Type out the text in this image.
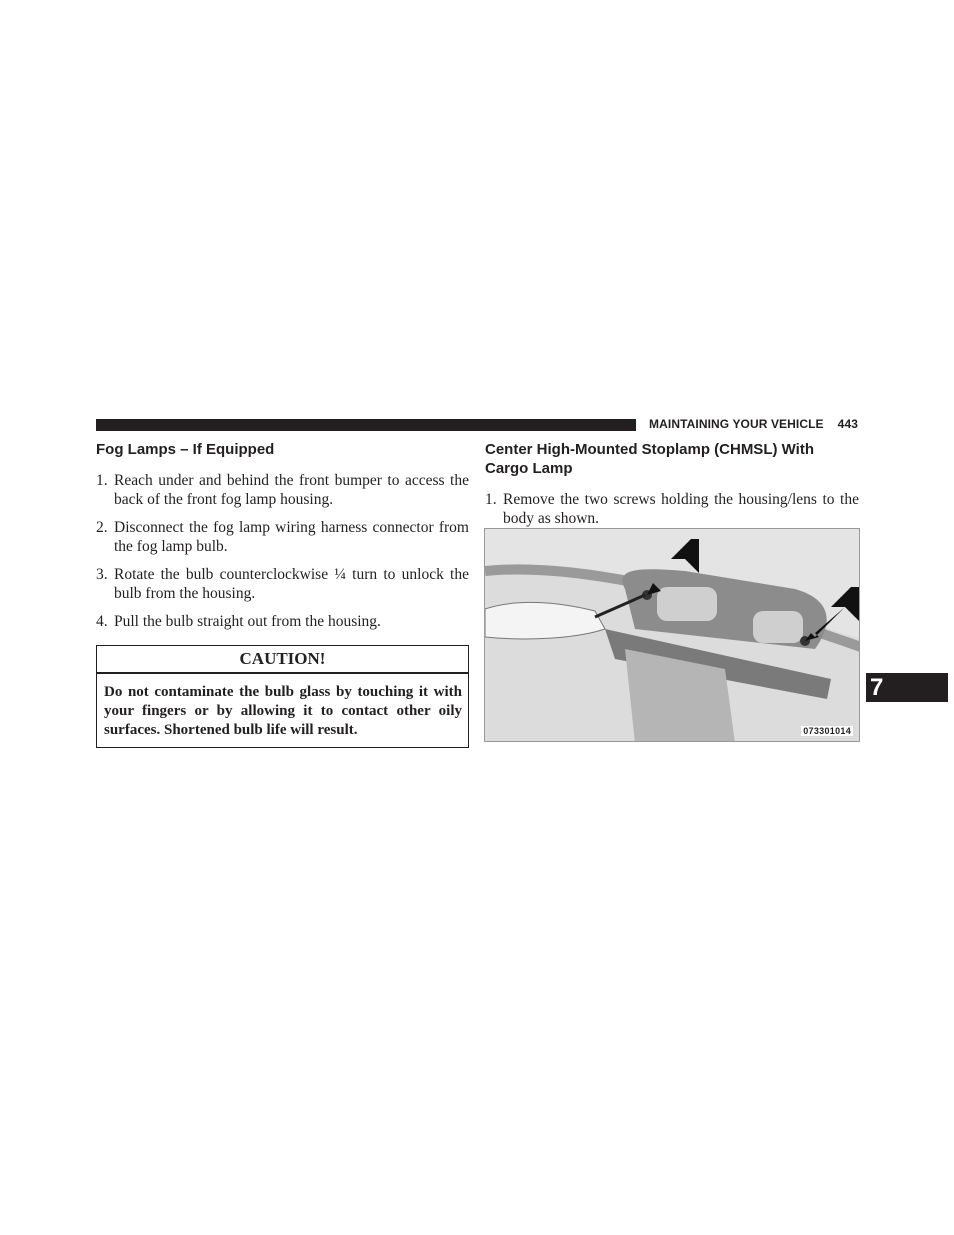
MAINTAINING YOUR VEHICLE 443
Fog Lamps – If Equipped
1. Reach under and behind the front bumper to access the back of the front fog lamp housing.
2. Disconnect the fog lamp wiring harness connector from the fog lamp bulb.
3. Rotate the bulb counterclockwise ¼ turn to unlock the bulb from the housing.
4. Pull the bulb straight out from the housing.
CAUTION!
Do not contaminate the bulb glass by touching it with your fingers or by allowing it to contact other oily surfaces. Shortened bulb life will result.
Center High-Mounted Stoplamp (CHMSL) With Cargo Lamp
1. Remove the two screws holding the housing/lens to the body as shown.
073301014
7
